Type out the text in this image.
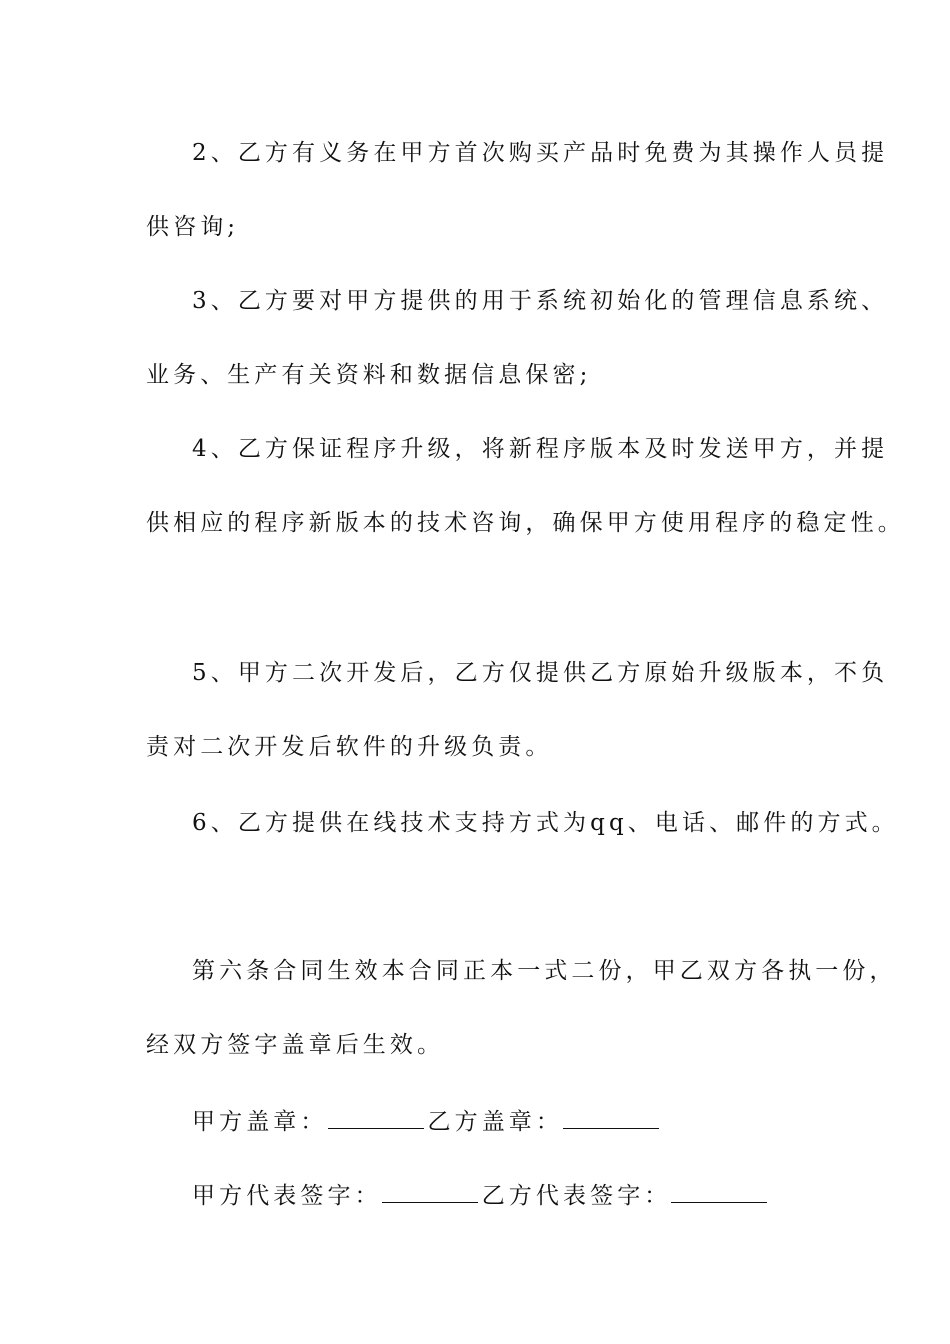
2、乙方有义务在甲方首次购买产品时免费为其操作人员提
供咨询;
3、乙方要对甲方提供的用于系统初始化的管理信息系统、
业务、生产有关资料和数据信息保密;
4、乙方保证程序升级，将新程序版本及时发送甲方，并提
供相应的程序新版本的技术咨询，确保甲方使用程序的稳定性。
5、甲方二次开发后，乙方仅提供乙方原始升级版本，不负
责对二次开发后软件的升级负责。
6、乙方提供在线技术支持方式为qq、电话、邮件的方式。
第六条合同生效本合同正本一式二份，甲乙双方各执一份，
经双方签字盖章后生效。
甲方盖章：	乙方盖章：
甲方代表签字：	乙方代表签字：
